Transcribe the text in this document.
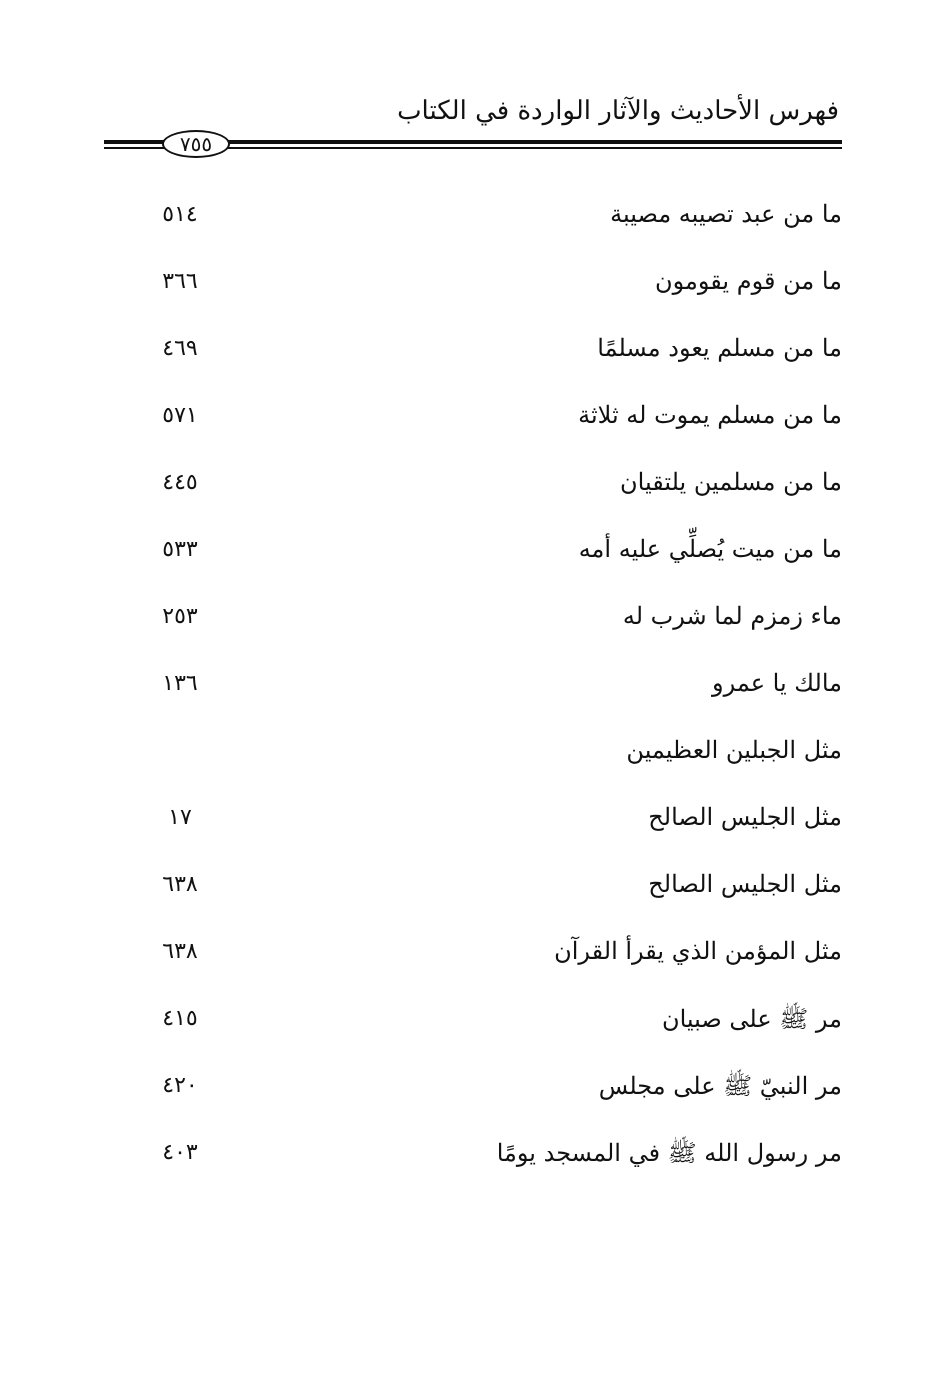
فهرس الأحاديث والآثار الواردة في الكتاب
٧٥٥
ما من عبد تصيبه مصيبة
٥١٤
ما من قوم يقومون
٣٦٦
ما من مسلم يعود مسلمًا
٤٦٩
ما من مسلم يموت له ثلاثة
٥٧١
ما من مسلمين يلتقيان
٤٤٥
ما من ميت يُصلِّي عليه أمه
٥٣٣
ماء زمزم لما شرب له
٢٥٣
مالك يا عمرو
١٣٦
مثل الجبلين العظيمين
مثل الجليس الصالح
١٧
مثل الجليس الصالح
٦٣٨
مثل المؤمن الذي يقرأ القرآن
٦٣٨
مر ﷺ على صبيان
٤١٥
مر النبيّ ﷺ على مجلس
٤٢٠
مر رسول الله ﷺ في المسجد يومًا
٤٠٣
